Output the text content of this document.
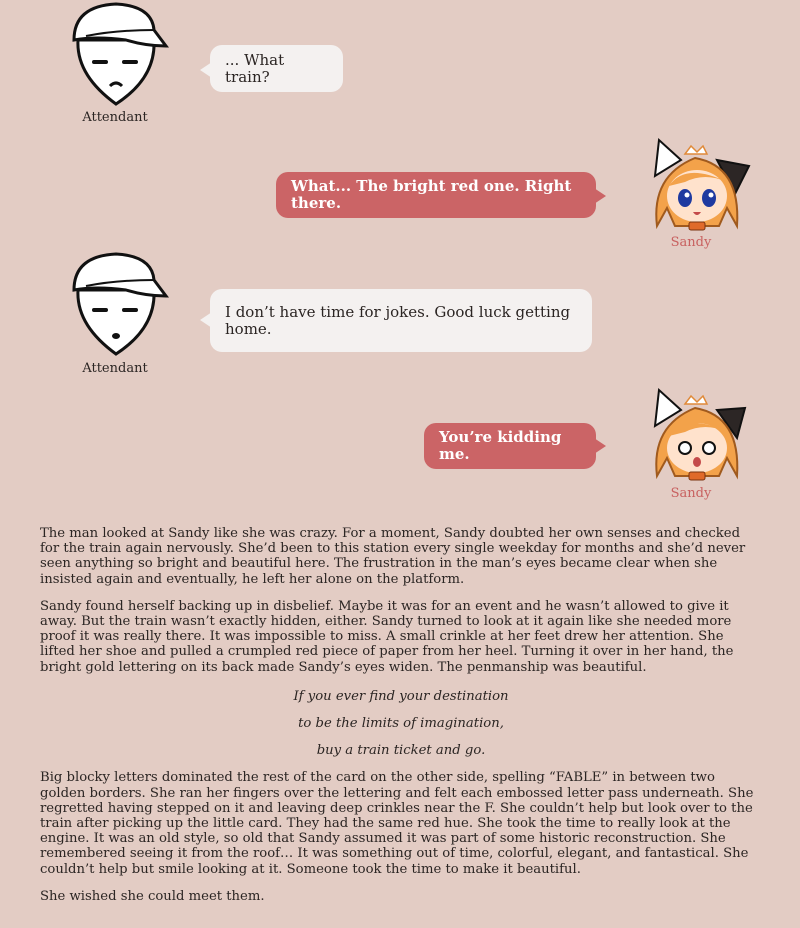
Attendant
... What train?
What... The bright red one. Right there.
Sandy
Attendant
I don’t have time for jokes. Good luck getting home.
You’re kidding me.
Sandy

The man looked at Sandy like she was crazy. For a moment, Sandy doubted her own senses and checked for the train again nervously. She’d been to this station every single weekday for months and she’d never seen anything so bright and beautiful here. The frustration in the man’s eyes became clear when she insisted again and eventually, he left her alone on the platform.

Sandy found herself backing up in disbelief. Maybe it was for an event and he wasn’t allowed to give it away. But the train wasn’t exactly hidden, either. Sandy turned to look at it again like she needed more proof it was really there. It was impossible to miss. A small crinkle at her feet drew her attention. She lifted her shoe and pulled a crumpled red piece of paper from her heel. Turning it over in her hand, the bright gold lettering on its back made Sandy’s eyes widen. The penmanship was beautiful.

If you ever find your destination

to be the limits of imagination,

buy a train ticket and go.

Big blocky letters dominated the rest of the card on the other side, spelling “FABLE” in between two golden borders. She ran her fingers over the lettering and felt each embossed letter pass underneath. She regretted having stepped on it and leaving deep crinkles near the F. She couldn’t help but look over to the train after picking up the little card. They had the same red hue. She took the time to really look at the engine. It was an old style, so old that Sandy assumed it was part of some historic reconstruction. She remembered seeing it from the roof… It was something out of time, colorful, elegant, and fantastical. She couldn’t help but smile looking at it. Someone took the time to make it beautiful.

She wished she could meet them.
